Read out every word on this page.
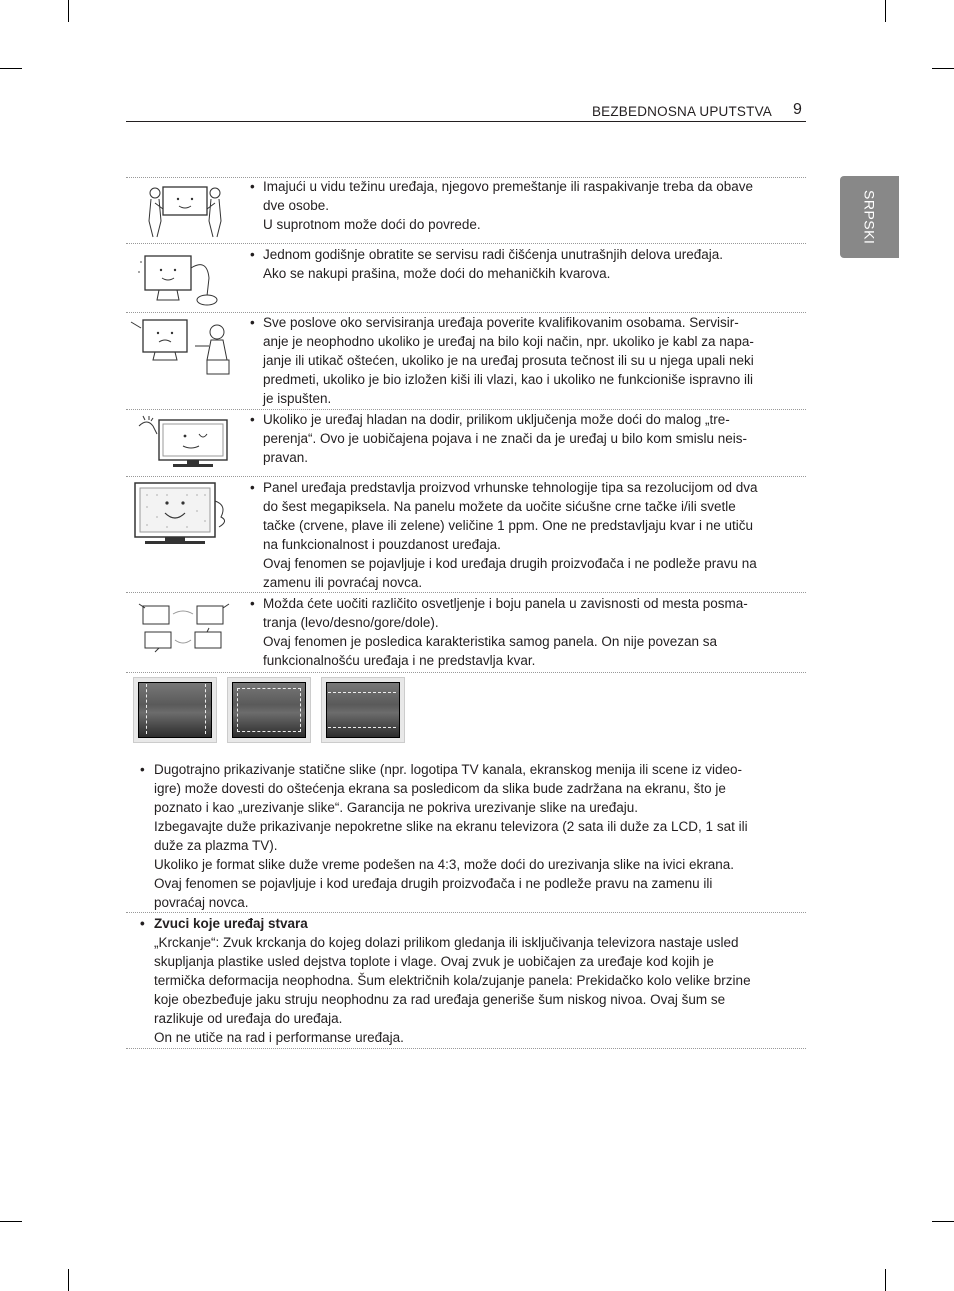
BEZBEDNOSNA UPUTSTVA 9
SRPSKI
• Imajući u vidu težinu uređaja, njegovo premeštanje ili raspakivanje treba da obave
dve osobe.
U suprotnom može doći do povrede.
• Jednom godišnje obratite se servisu radi čišćenja unutrašnjih delova uređaja.
Ako se nakupi prašina, može doći do mehaničkih kvarova.
• Sve poslove oko servisiranja uređaja poverite kvalifikovanim osobama. Servisir-
anje je neophodno ukoliko je uređaj na bilo koji način, npr. ukoliko je kabl za napa-
janje ili utikač oštećen, ukoliko je na uređaj prosuta tečnost ili su u njega upali neki
predmeti, ukoliko je bio izložen kiši ili vlazi, kao i ukoliko ne funkcioniše ispravno ili
je ispušten.
• Ukoliko je uređaj hladan na dodir, prilikom uključenja može doći do malog „tre-
perenja“. Ovo je uobičajena pojava i ne znači da je uređaj u bilo kom smislu neis-
pravan.
• Panel uređaja predstavlja proizvod vrhunske tehnologije tipa sa rezolucijom od dva
do šest megapiksela. Na panelu možete da uočite sićušne crne tačke i/ili svetle
tačke (crvene, plave ili zelene) veličine 1 ppm. One ne predstavljaju kvar i ne utiču
na funkcionalnost i pouzdanost uređaja.
Ovaj fenomen se pojavljuje i kod uređaja drugih proizvođača i ne podleže pravu na
zamenu ili povraćaj novca.
• Možda ćete uočiti različito osvetljenje i boju panela u zavisnosti od mesta posma-
tranja (levo/desno/gore/dole).
Ovaj fenomen je posledica karakteristika samog panela. On nije povezan sa
funkcionalnošću uređaja i ne predstavlja kvar.
• Dugotrajno prikazivanje statične slike (npr. logotipa TV kanala, ekranskog menija ili scene iz video-
igre) može dovesti do oštećenja ekrana sa posledicom da slika bude zadržana na ekranu, što je
poznato i kao „urezivanje slike“. Garancija ne pokriva urezivanje slike na uređaju.
Izbegavajte duže prikazivanje nepokretne slike na ekranu televizora (2 sata ili duže za LCD, 1 sat ili
duže za plazma TV).
Ukoliko je format slike duže vreme podešen na 4:3, može doći do urezivanja slike na ivici ekrana.
Ovaj fenomen se pojavljuje i kod uređaja drugih proizvođača i ne podleže pravu na zamenu ili
povraćaj novca.
• Zvuci koje uređaj stvara
„Krckanje“: Zvuk krckanja do kojeg dolazi prilikom gledanja ili isključivanja televizora nastaje usled
skupljanja plastike usled dejstva toplote i vlage. Ovaj zvuk je uobičajen za uređaje kod kojih je
termička deformacija neophodna. Šum električnih kola/zujanje panela: Prekidačko kolo velike brzine
koje obezbeđuje jaku struju neophodnu za rad uređaja generiše šum niskog nivoa. Ovaj šum se
razlikuje od uređaja do uređaja.
On ne utiče na rad i performanse uređaja.
